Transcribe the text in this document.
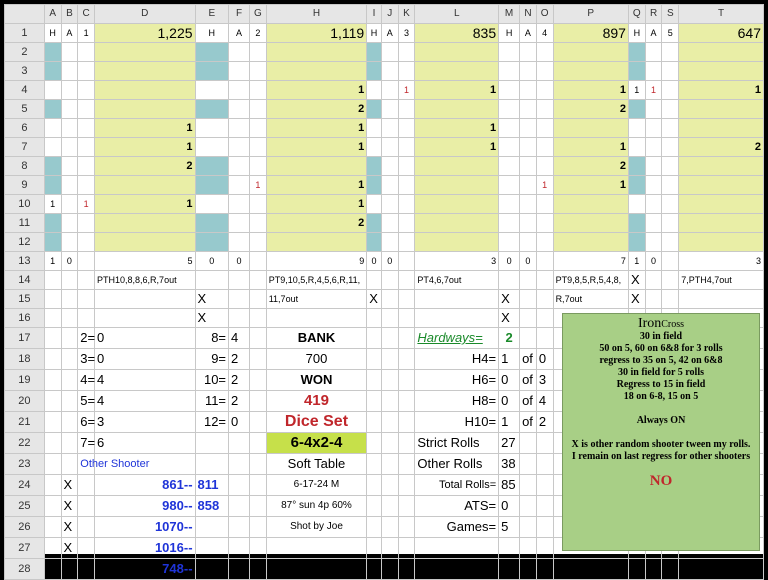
	A	B	C	D	E	F	G	H	I	J	K	L	M	N	O	P	Q	R	S	T
1	H	A	1	1,225	H	A	2	1,119	H	A	3	835	H	A	4	897	H	A	5	647
2																				
3																				
4								1			1	1				1	1	1		1
5								2								2				
6				1				1				1								
7				1				1				1				1				2
8				2												2				
9							1	1							1	1				
10	1		1	1				1												
11								2												
12																				
13	1	0		5	0	0		9	0	0		3	0	0		7	1	0		3
14				PTH10,8,8,6,R,7out				PT9,10,5,R,4,5,6,R,11,				PT4,6,7out				PT9,8,5,R,5,4,8,	X			7,PTH4,7out
15					X			11,7out	X				X			R,7out	X			
16					X								X							
17			2=	0	8=	4		BANK				Hardways=	2							
18			3=	0	9=	2		700				H4=	1	of	0					
19			4=	4	10=	2		WON				H6=	0	of	3					
20			5=	4	11=	2		419				H8=	0	of	4					
21			6=	3	12=	0		Dice Set				H10=	1	of	2					
22			7=	6				6-4x2-4				Strict Rolls	27							
23			Other Shooter					Soft Table				Other Rolls	38							
24		X		861--	811			6-17-24 M				Total Rolls=	85							
25		X		980--	858			87° sun 4p 60%				ATS=	0							
26		X		1070--				Shot by Joe				Games=	5							
27		X		1016--																
28		X		748--																
IronCross
30 in field
50 on 5, 60 on 6&8 for 3 rolls
regress to 35 on 5, 42 on 6&8
30 in field for 5 rolls
Regress to 15 in field
18 on 6-8, 15 on 5
Always ON
X is other random shooter tween my rolls.
I remain on last regress for other shooters
NO
